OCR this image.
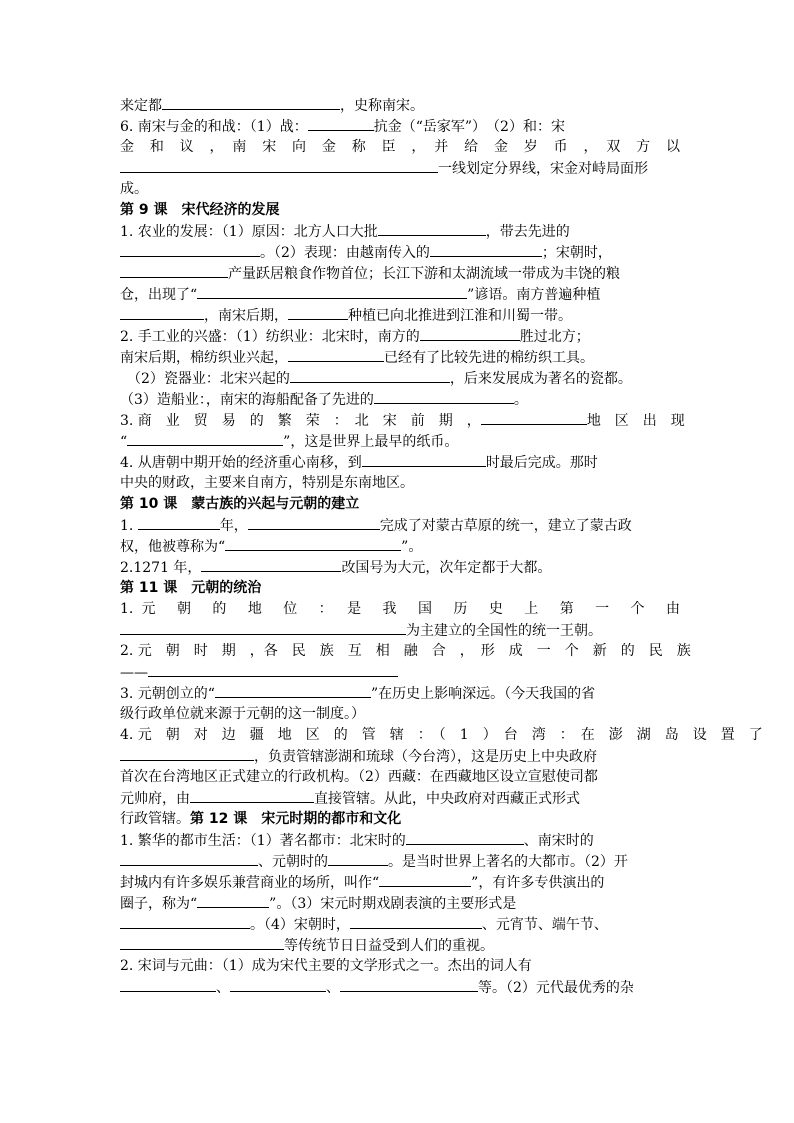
来定都	，史称南宋。
6. 南宋与金的和战：（1）战：	抗金（“岳家军”）　（2）和：宋
金　和　议　，　南　宋　向　金　称　臣　，　并　给　金　岁　币　，　双　方　以
一线划定分界线，宋金对峙局面形
成。
第 9 课　宋代经济的发展
1. 农业的发展：（1）原因：北方人口大批	，带去先进的
。（2）表现：由越南传入的	；宋朝时，
产量跃居粮食作物首位；长江下游和太湖流域一带成为丰饶的粮
仓，出现了“	”谚语。南方普遍种植
，南宋后期，	种植已向北推进到江淮和川蜀一带。
2. 手工业的兴盛：（1）纺织业：北宋时，南方的	胜过北方；
南宋后期，棉纺织业兴起，	已经有了比较先进的棉纺织工具。
　（2）瓷器业：北宋兴起的	，后来发展成为著名的瓷都。
（3）造船业：，南宋的海船配备了先进的	。
3. 商　业　贸　易　的　繁　荣　：　北　宋　前　期　，	地　区　出　现
“	”，这是世界上最早的纸币。
4. 从唐朝中期开始的经济重心南移，到	时最后完成。那时
中央的财政，主要来自南方，特别是东南地区。
第 10 课　蒙古族的兴起与元朝的建立
1.	年，	完成了对蒙古草原的统一，建立了蒙古政
权，他被尊称为“	”。
2.1271 年，	改国号为大元，次年定都于大都。
第 11 课　元朝的统治
1. 元　朝　的　地　位　：　是　我　国　历　史　上　第　一　个　由
为主建立的全国性的统一王朝。
2. 元　朝　时　期　，各　民　族　互　相　融　合　，　形　成　一　个　新　的　民　族
——
3. 元朝创立的“	”在历史上影响深远。（今天我国的省
级行政单位就来源于元朝的这一制度。）
4. 元　朝　对　边　疆　地　区　的　管　辖　：　（　1　）　台　湾　：　在　澎　湖　岛　设　置　了
，负责管辖澎湖和琉球（今台湾），这是历史上中央政府
首次在台湾地区正式建立的行政机构。（2）西藏：在西藏地区设立宣慰使司都
元帅府，由	直接管辖。从此，中央政府对西藏正式形式
行政管辖。第 12 课　宋元时期的都市和文化
1. 繁华的都市生活：（1）著名都市：北宋时的	、南宋时的
、元朝时的	。是当时世界上著名的大都市。（2）开
封城内有许多娱乐兼营商业的场所，叫作“	”，有许多专供演出的
圈子，称为“	”。（3）宋元时期戏剧表演的主要形式是
。（4）宋朝时，	、元宵节、端午节、
等传统节日日益受到人们的重视。
2. 宋词与元曲：（1）成为宋代主要的文学形式之一。杰出的词人有
、	、	等。（2）元代最优秀的杂
